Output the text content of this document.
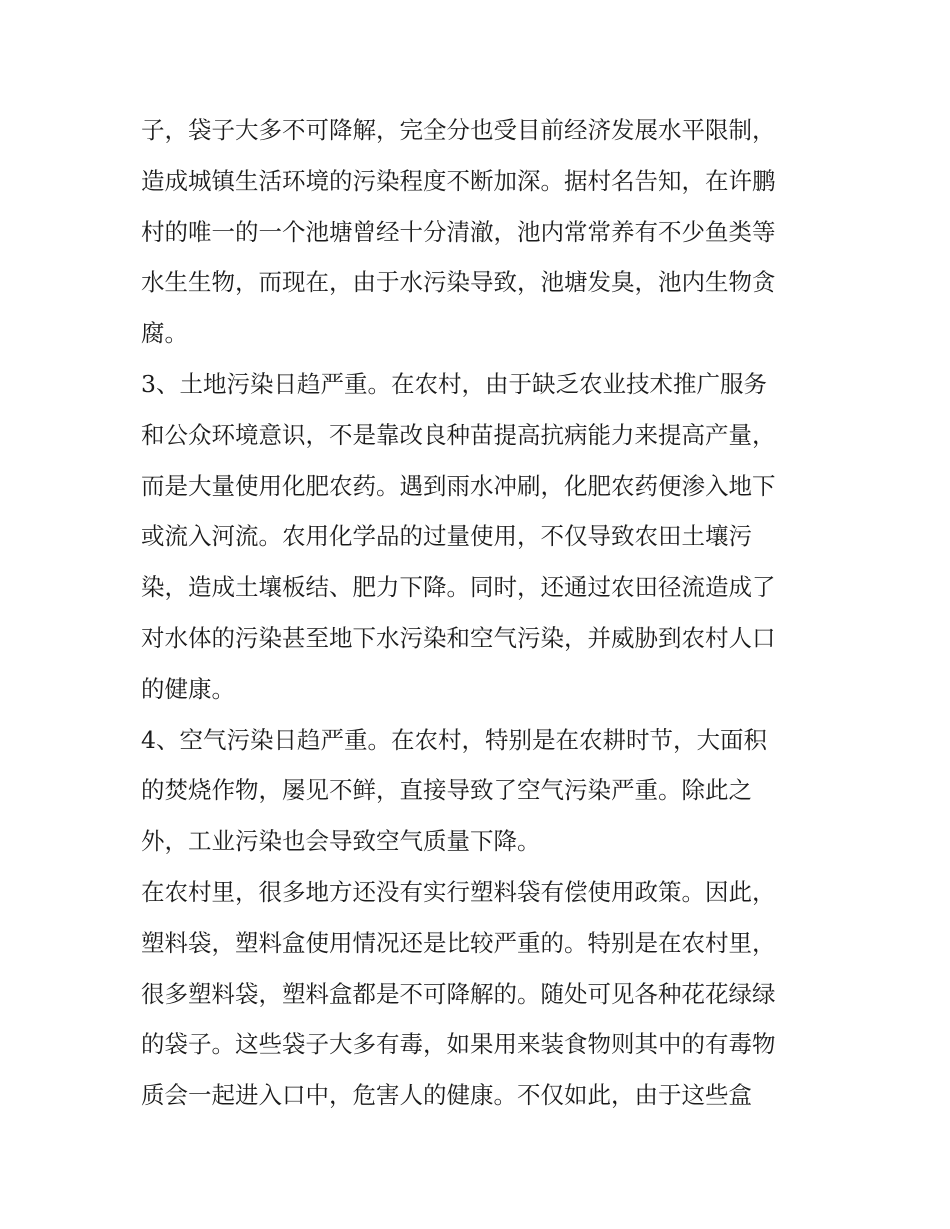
子，袋子大多不可降解，完全分也受目前经济发展水平限制，
造成城镇生活环境的污染程度不断加深。据村名告知，在许鹏
村的唯一的一个池塘曾经十分清澈，池内常常养有不少鱼类等
水生生物，而现在，由于水污染导致，池塘发臭，池内生物贪
腐。
3、土地污染日趋严重。在农村，由于缺乏农业技术推广服务
和公众环境意识，不是靠改良种苗提高抗病能力来提高产量，
而是大量使用化肥农药。遇到雨水冲刷，化肥农药便渗入地下
或流入河流。农用化学品的过量使用，不仅导致农田土壤污
染，造成土壤板结、肥力下降。同时，还通过农田径流造成了
对水体的污染甚至地下水污染和空气污染，并威胁到农村人口
的健康。
4、空气污染日趋严重。在农村，特别是在农耕时节，大面积
的焚烧作物，屡见不鲜，直接导致了空气污染严重。除此之
外，工业污染也会导致空气质量下降。
在农村里，很多地方还没有实行塑料袋有偿使用政策。因此，
塑料袋，塑料盒使用情况还是比较严重的。特别是在农村里，
很多塑料袋，塑料盒都是不可降解的。随处可见各种花花绿绿
的袋子。这些袋子大多有毒，如果用来装食物则其中的有毒物
质会一起进入口中，危害人的健康。不仅如此，由于这些盒
